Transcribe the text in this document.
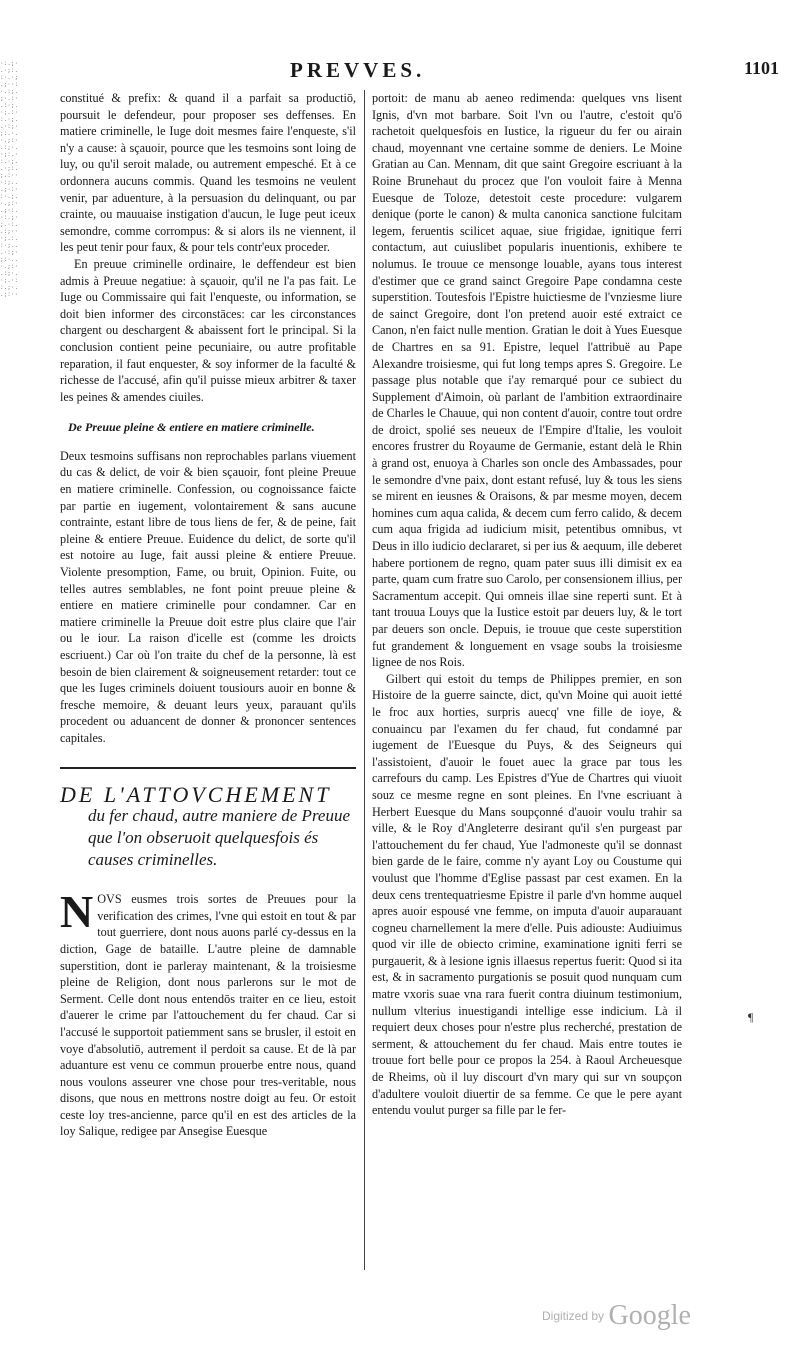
·:.;·
.·;:.
:·.·;
.;··:
·.:;.
;·.:·
.:·;.
·;.:·
:.·;.
.·:;·
;:.·.
·.;:·
.:;·.
·;:.·
:.·;.
.·;:.
;.:··
·:;..
.;·:·
:·.;.
·.;:·
.;·:.
·:.;·
;.·:.
.:;··
·;.:.
:·;..
.·:;·
;:·..
·.;:·
.:;·.
·;.·:
:.;·.
.;:··
PREVVES.	1101

constitué & prefix: & quand il a parfait sa productiō, poursuit le defendeur, pour proposer ses deffenses. En matiere criminelle, le Iuge doit mesmes faire l'enqueste, s'il n'y a cause: à sçauoir, pource que les tesmoins sont loing de luy, ou qu'il seroit malade, ou autrement empesché. Et à ce ordonnera aucuns commis. Quand les tesmoins ne veulent venir, par aduenture, à la persuasion du delinquant, ou par crainte, ou mauuaise instigation d'aucun, le Iuge peut iceux semondre, comme corrompus: & si alors ils ne viennent, il les peut tenir pour faux, & pour tels contr'eux proceder.

En preuue criminelle ordinaire, le deffendeur est bien admis à Preuue negatiue: à sçauoir, qu'il ne l'a pas fait. Le Iuge ou Commissaire qui fait l'enqueste, ou information, se doit bien informer des circonstāces: car les circonstances chargent ou deschargent & abaissent fort le principal. Si la conclusion contient peine pecuniaire, ou autre profitable reparation, il faut enquester, & soy informer de la faculté & richesse de l'accusé, afin qu'il puisse mieux arbitrer & taxer les peines & amendes ciuiles.

De Preuue pleine & entiere en matiere criminelle.

Deux tesmoins suffisans non reprochables parlans viuement du cas & delict, de voir & bien sçauoir, font pleine Preuue en matiere criminelle. Confession, ou cognoissance faicte par partie en iugement, volontairement & sans aucune contrainte, estant libre de tous liens de fer, & de peine, fait pleine & entiere Preuue. Euidence du delict, de sorte qu'il est notoire au Iuge, fait aussi pleine & entiere Preuue. Violente presomption, Fame, ou bruit, Opinion. Fuite, ou telles autres semblables, ne font point preuue pleine & entiere en matiere criminelle pour condamner. Car en matiere criminelle la Preuue doit estre plus claire que l'air ou le iour. La raison d'icelle est (comme les droicts escriuent.) Car où l'on traite du chef de la personne, là est besoin de bien clairement & soigneusement retarder: tout ce que les Iuges criminels doiuent tousiours auoir en bonne & fresche memoire, & deuant leurs yeux, parauant qu'ils procedent ou aduancent de donner & prononcer sentences capitales.

DE L'ATTOVCHEMENT

du fer chaud, autre maniere de Preuue que l'on obseruoit quelquesfois és causes criminelles.

N OVS eusmes trois sortes de Preuues pour la verification des crimes, l'vne qui estoit en tout & par tout guerriere, dont nous auons parlé cy-dessus en la diction, Gage de bataille. L'autre pleine de damnable superstition, dont ie parleray maintenant, & la troisiesme pleine de Religion, dont nous parlerons sur le mot de Serment. Celle dont nous entendōs traiter en ce lieu, estoit d'auerer le crime par l'attouchement du fer chaud. Car si l'accusé le supportoit patiemment sans se brusler, il estoit en voye d'absolutiō, autrement il perdoit sa cause. Et de là par aduanture est venu ce commun prouerbe entre nous, quand nous voulons asseurer vne chose pour tres-veritable, nous disons, que nous en mettrons nostre doigt au feu. Or estoit ceste loy tres-ancienne, parce qu'il en est des articles de la loy Salique, redigee par Ansegise Euesque

portoit: de manu ab aeneo redimenda: quelques vns lisent Ignis, d'vn mot barbare. Soit l'vn ou l'autre, c'estoit qu'ō rachetoit quelquesfois en Iustice, la rigueur du fer ou airain chaud, moyennant vne certaine somme de deniers. Le Moine Gratian au Can. Mennam, dit que saint Gregoire escriuant à la Roine Brunehaut du procez que l'on vouloit faire à Menna Euesque de Toloze, detestoit ceste procedure: vulgarem denique (porte le canon) & multa canonica sanctione fulcitam legem, feruentis scilicet aquae, siue frigidae, ignitique ferri contactum, aut cuiuslibet popularis inuentionis, exhibere te nolumus. Ie trouue ce mensonge louable, ayans tous interest d'estimer que ce grand sainct Gregoire Pape condamna ceste superstition. Toutesfois l'Epistre huictiesme de l'vnziesme liure de sainct Gregoire, dont l'on pretend auoir esté extraict ce Canon, n'en faict nulle mention. Gratian le doit à Yues Euesque de Chartres en sa 91. Epistre, lequel l'attribuë au Pape Alexandre troisiesme, qui fut long temps apres S. Gregoire. Le passage plus notable que i'ay remarqué pour ce subiect du Supplement d'Aimoin, où parlant de l'ambition extraordinaire de Charles le Chauue, qui non content d'auoir, contre tout ordre de droict, spolié ses neueux de l'Empire d'Italie, les vouloit encores frustrer du Royaume de Germanie, estant delà le Rhin à grand ost, enuoya à Charles son oncle des Ambassades, pour le semondre d'vne paix, dont estant refusé, luy & tous les siens se mirent en ieusnes & Oraisons, & par mesme moyen, decem homines cum aqua calida, & decem cum ferro calido, & decem cum aqua frigida ad iudicium misit, petentibus omnibus, vt Deus in illo iudicio declararet, si per ius & aequum, ille deberet habere portionem de regno, quam pater suus illi dimisit ex ea parte, quam cum fratre suo Carolo, per consensionem illius, per Sacramentum accepit. Qui omneis illae sine reperti sunt. Et à tant trouua Louys que la Iustice estoit par deuers luy, & le tort par deuers son oncle. Depuis, ie trouue que ceste superstition fut grandement & longuement en vsage soubs la troisiesme lignee de nos Rois.

Gilbert qui estoit du temps de Philippes premier, en son Histoire de la guerre saincte, dict, qu'vn Moine qui auoit ietté le froc aux horties, surpris auecq' vne fille de ioye, & conuaincu par l'examen du fer chaud, fut condamné par iugement de l'Euesque du Puys, & des Seigneurs qui l'assistoient, d'auoir le fouet auec la grace par tous les carrefours du camp. Les Epistres d'Yue de Chartres qui viuoit souz ce mesme regne en sont pleines. En l'vne escriuant à Herbert Euesque du Mans soupçonné d'auoir voulu trahir sa ville, & le Roy d'Angleterre desirant qu'il s'en purgeast par l'attouchement du fer chaud, Yue l'admoneste qu'il se donnast bien garde de le faire, comme n'y ayant Loy ou Coustume qui voulust que l'homme d'Eglise passast par cest examen. En la deux cens trentequatriesme Epistre il parle d'vn homme auquel apres auoir espousé vne femme, on imputa d'auoir auparauant cogneu charnellement la mere d'elle. Puis adiouste: Audiuimus quod vir ille de obiecto crimine, examinatione igniti ferri se purgauerit, & à lesione ignis illaesus repertus fuerit: Quod si ita est, & in sacramento purgationis se posuit quod nunquam cum matre vxoris suae vna rara fuerit contra diuinum testimonium, nullum vlterius inuestigandi intellige esse indicium. Là il requiert deux choses pour n'estre plus recherché, prestation de serment, & attouchement du fer chaud. Mais entre toutes ie trouue fort belle pour ce propos la 254. à Raoul Archeuesque de Rheims, où il luy discourt d'vn mary qui sur vn soupçon d'adultere vouloit diuertir de sa femme. Ce que le pere ayant entendu voulut purger sa fille par le fer-

¶
Digitized by Google
